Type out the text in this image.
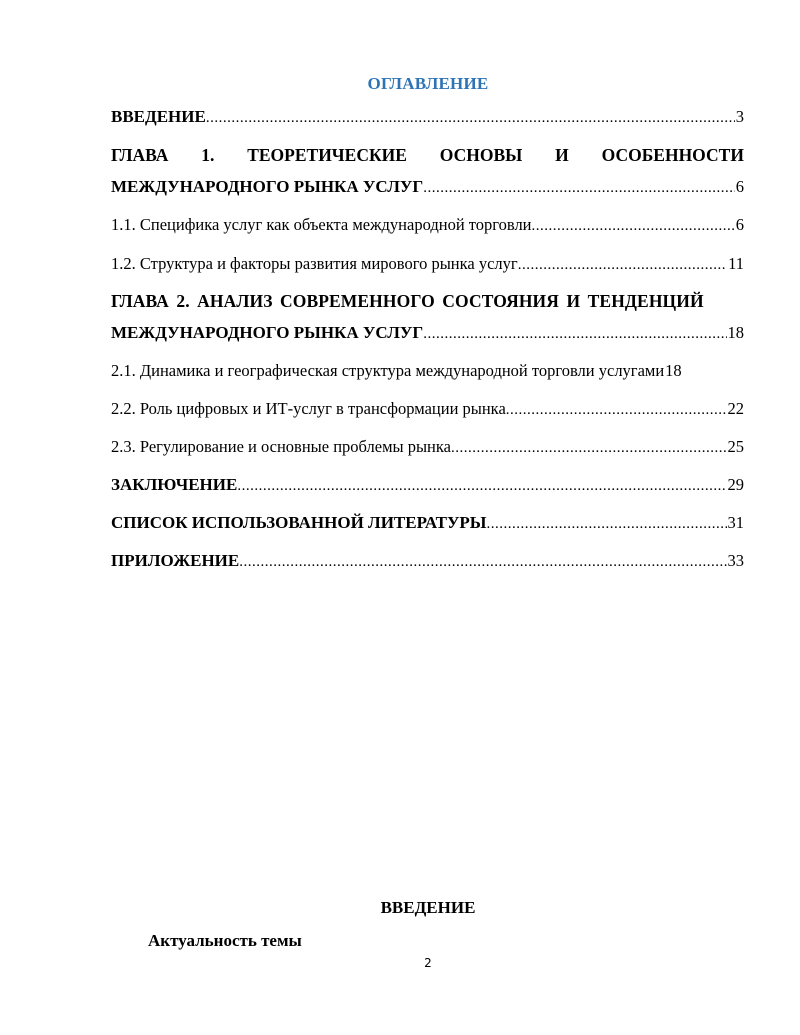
ОГЛАВЛЕНИЕ
ВВЕДЕНИЕ .....	3
ГЛАВА 1. ТЕОРЕТИЧЕСКИЕ ОСНОВЫ И ОСОБЕННОСТИ
МЕЖДУНАРОДНОГО РЫНКА УСЛУГ .....	6
1.1. Специфика услуг как объекта международной торговли .....	6
1.2. Структура и факторы развития мирового рынка услуг .....	11
ГЛАВА 2. АНАЛИЗ СОВРЕМЕННОГО СОСТОЯНИЯ И ТЕНДЕНЦИЙ
МЕЖДУНАРОДНОГО РЫНКА УСЛУГ .....	18
2.1. Динамика и географическая структура международной торговли услугами 18
2.2. Роль цифровых и ИТ-услуг в трансформации рынка .....	22
2.3. Регулирование и основные проблемы рынка .....	25
ЗАКЛЮЧЕНИЕ .....	29
СПИСОК ИСПОЛЬЗОВАННОЙ ЛИТЕРАТУРЫ .....	31
ПРИЛОЖЕНИЕ .....	33
ВВЕДЕНИЕ
Актуальность темы
2
